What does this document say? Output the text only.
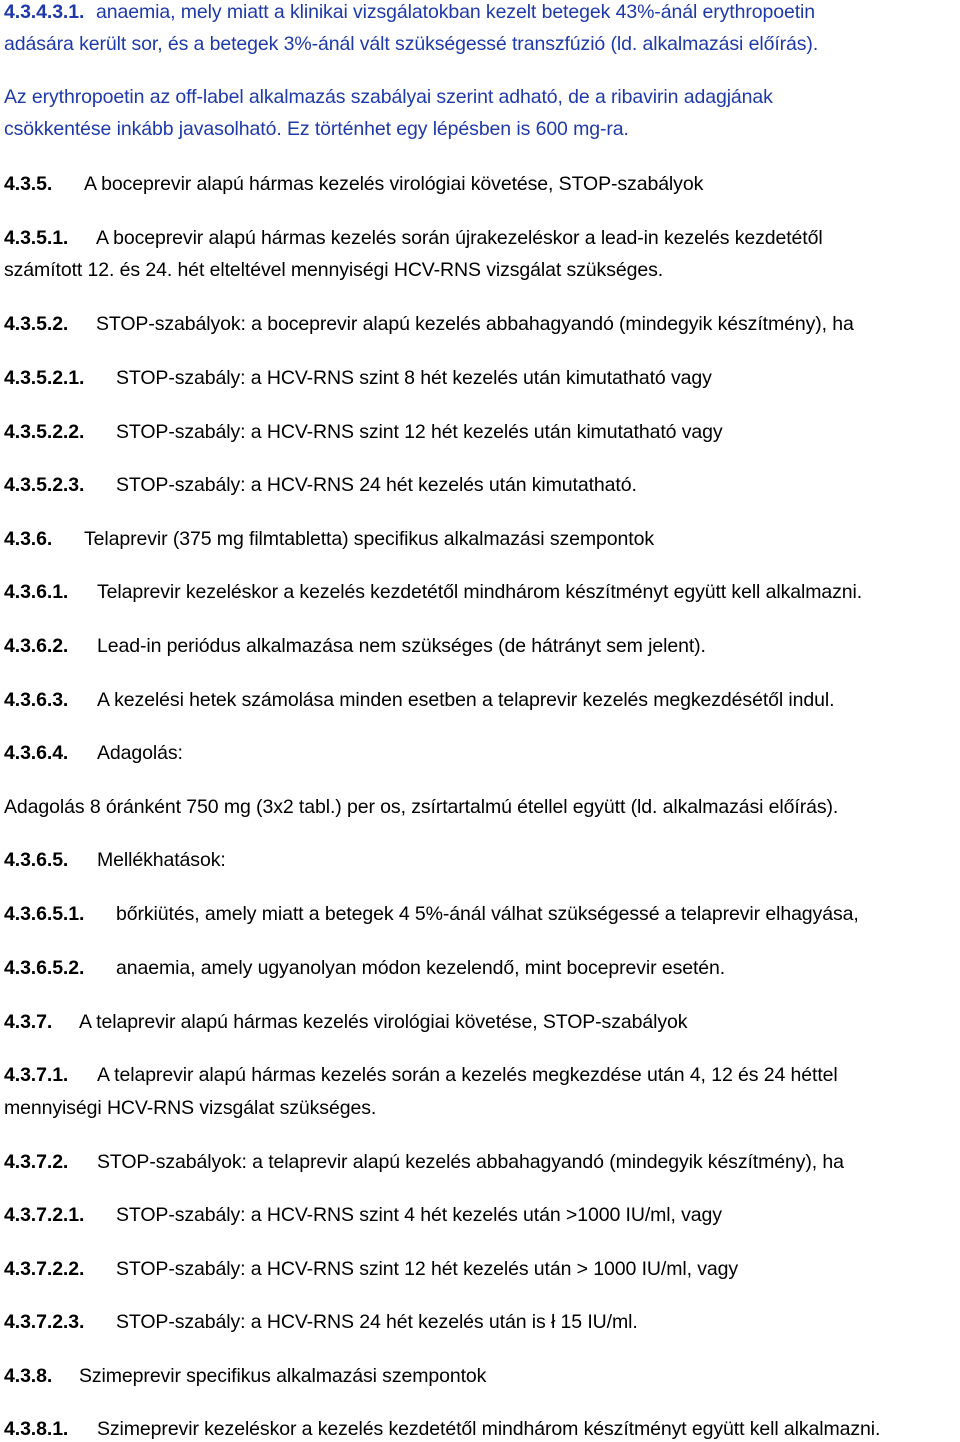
4.3.4.3.1. anaemia, mely miatt a klinikai vizsgálatokban kezelt betegek 43%-ánál erythropoetin
adására került sor, és a betegek 3%-ánál vált szükségessé transzfúzió (ld. alkalmazási előírás).
Az erythropoetin az off-label alkalmazás szabályai szerint adható, de a ribavirin adagjának
csökkentése inkább javasolható. Ez történhet egy lépésben is 600 mg-ra.
4.3.5. A boceprevir alapú hármas kezelés virológiai követése, STOP-szabályok
4.3.5.1. A boceprevir alapú hármas kezelés során újrakezeléskor a lead-in kezelés kezdetétől
számított 12. és 24. hét elteltével mennyiségi HCV-RNS vizsgálat szükséges.
4.3.5.2. STOP-szabályok: a boceprevir alapú kezelés abbahagyandó (mindegyik készítmény), ha
4.3.5.2.1. STOP-szabály: a HCV-RNS szint 8 hét kezelés után kimutatható vagy
4.3.5.2.2. STOP-szabály: a HCV-RNS szint 12 hét kezelés után kimutatható vagy
4.3.5.2.3. STOP-szabály: a HCV-RNS 24 hét kezelés után kimutatható.
4.3.6. Telaprevir (375 mg filmtabletta) specifikus alkalmazási szempontok
4.3.6.1. Telaprevir kezeléskor a kezelés kezdetétől mindhárom készítményt együtt kell alkalmazni.
4.3.6.2. Lead-in periódus alkalmazása nem szükséges (de hátrányt sem jelent).
4.3.6.3. A kezelési hetek számolása minden esetben a telaprevir kezelés megkezdésétől indul.
4.3.6.4. Adagolás:
Adagolás 8 óránként 750 mg (3x2 tabl.) per os, zsírtartalmú étellel együtt (ld. alkalmazási előírás).
4.3.6.5. Mellékhatások:
4.3.6.5.1. bőrkiütés, amely miatt a betegek 4 5%-ánál válhat szükségessé a telaprevir elhagyása,
4.3.6.5.2. anaemia, amely ugyanolyan módon kezelendő, mint boceprevir esetén.
4.3.7. A telaprevir alapú hármas kezelés virológiai követése, STOP-szabályok
4.3.7.1. A telaprevir alapú hármas kezelés során a kezelés megkezdése után 4, 12 és 24 héttel
mennyiségi HCV-RNS vizsgálat szükséges.
4.3.7.2. STOP-szabályok: a telaprevir alapú kezelés abbahagyandó (mindegyik készítmény), ha
4.3.7.2.1. STOP-szabály: a HCV-RNS szint 4 hét kezelés után >1000 IU/ml, vagy
4.3.7.2.2. STOP-szabály: a HCV-RNS szint 12 hét kezelés után > 1000 IU/ml, vagy
4.3.7.2.3. STOP-szabály: a HCV-RNS 24 hét kezelés után is ł 15 IU/ml.
4.3.8. Szimeprevir specifikus alkalmazási szempontok
4.3.8.1. Szimeprevir kezeléskor a kezelés kezdetétől mindhárom készítményt együtt kell alkalmazni.
